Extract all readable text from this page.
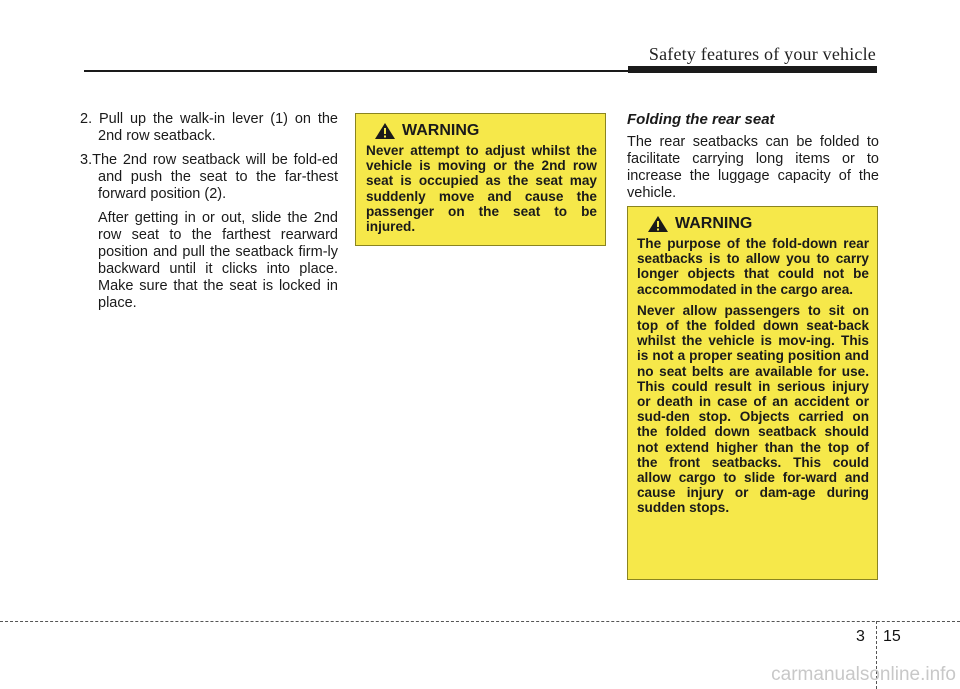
Safety features of your vehicle

2. Pull up the walk-in lever (1) on the 2nd row seatback.

3.The 2nd row seatback will be fold-ed and push the seat to the far-thest forward position (2).

After getting in or out, slide the 2nd row seat to the farthest rearward position and pull the seatback firm-ly backward until it clicks into place. Make sure that the seat is locked in place.

WARNING

Never attempt to adjust whilst the vehicle is moving or the 2nd row seat is occupied as the seat may suddenly move and cause the passenger on the seat to be injured.

Folding the rear seat

The rear seatbacks can be folded to facilitate carrying long items or to increase the luggage capacity of the vehicle.

WARNING

The purpose of the fold-down rear seatbacks is to allow you to carry longer objects that could not be accommodated in the cargo area.

Never allow passengers to sit on top of the folded down seat-back whilst the vehicle is mov-ing. This is not a proper seating position and no seat belts are available for use. This could result in serious injury or death in case of an accident or sud-den stop. Objects carried on the folded down seatback should not extend higher than the top of the front seatbacks. This could allow cargo to slide for-ward and cause injury or dam-age during sudden stops.

3 15
carmanualsonline.info
